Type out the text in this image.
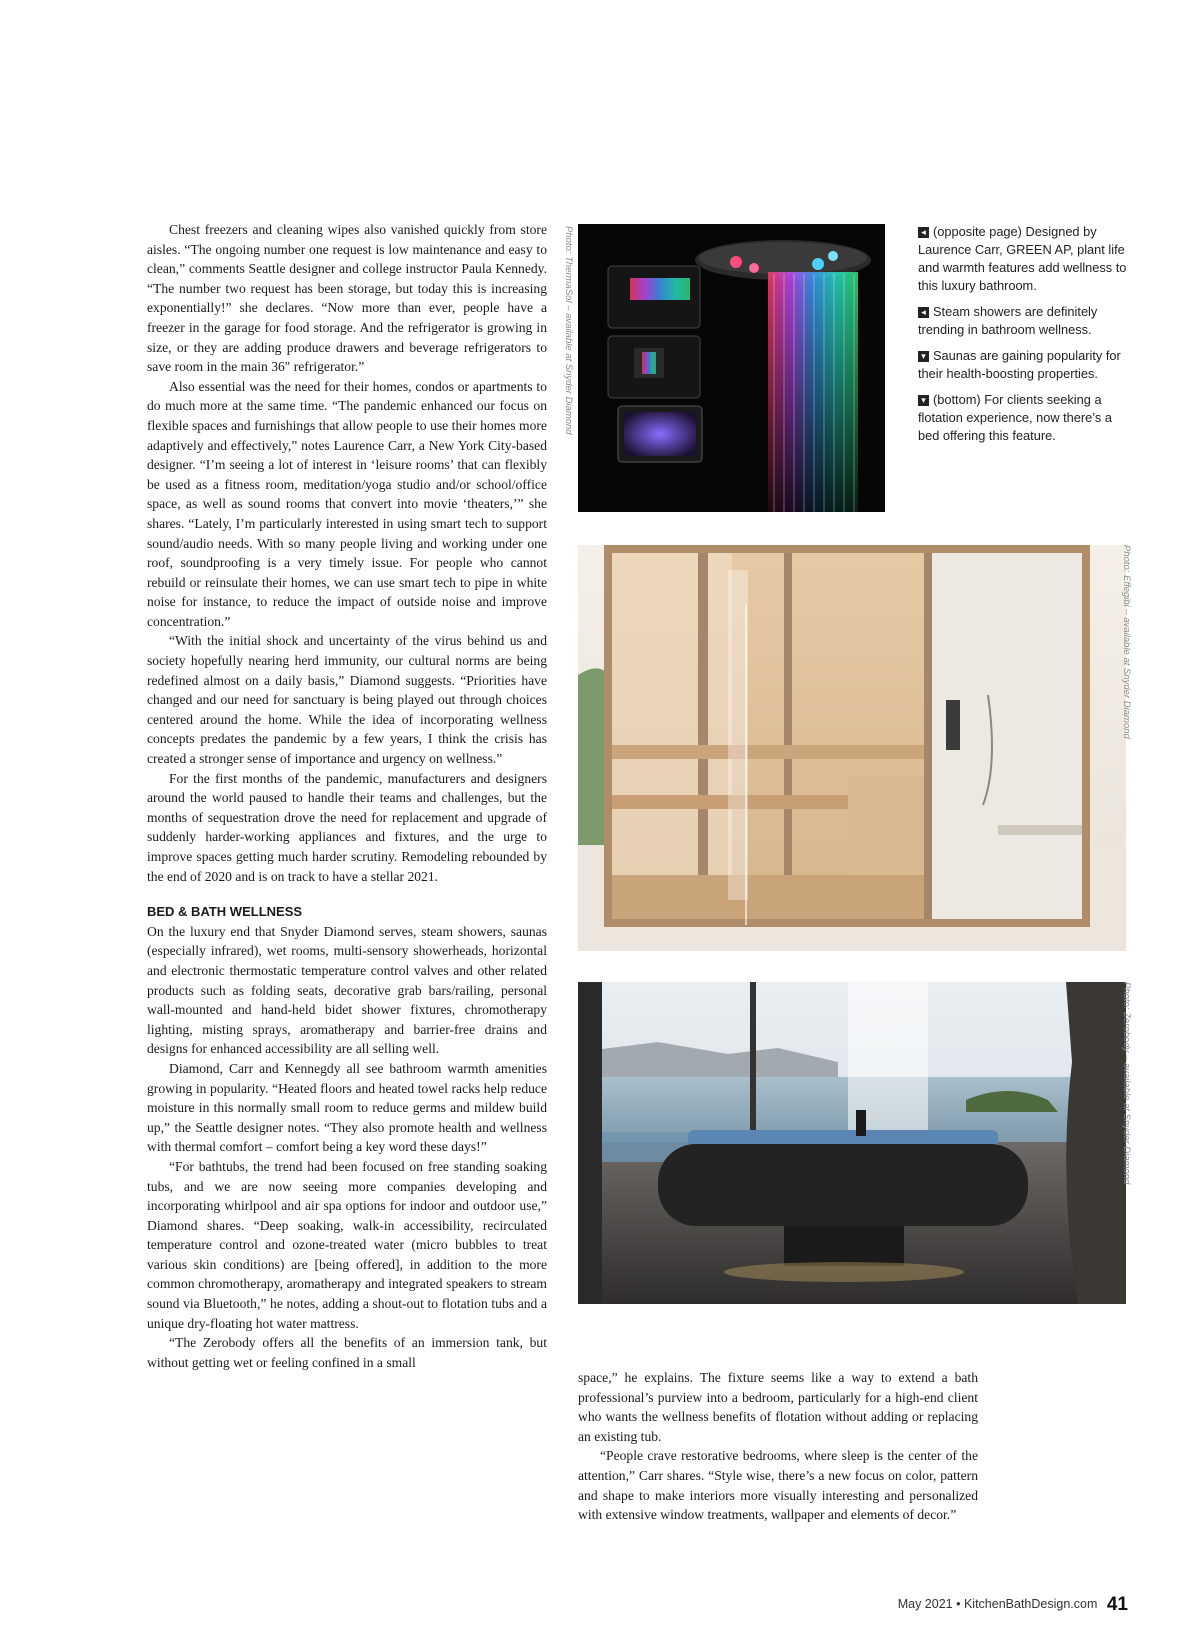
Chest freezers and cleaning wipes also vanished quickly from store aisles. “The ongoing number one request is low maintenance and easy to clean,” comments Seattle designer and college instructor Paula Kennedy. “The number two request has been storage, but today this is increasing exponentially!” she declares. “Now more than ever, people have a freezer in the garage for food storage. And the refrigerator is growing in size, or they are adding produce drawers and beverage refrigerators to save room in the main 36" refrigerator.”

Also essential was the need for their homes, condos or apartments to do much more at the same time. “The pandemic enhanced our focus on flexible spaces and furnishings that allow people to use their homes more adaptively and effectively,” notes Laurence Carr, a New York City-based designer. “I’m seeing a lot of interest in ‘leisure rooms’ that can flexibly be used as a fitness room, meditation/yoga studio and/or school/office space, as well as sound rooms that convert into movie ‘theaters,’” she shares. “Lately, I’m particularly interested in using smart tech to support sound/audio needs. With so many people living and working under one roof, soundproofing is a very timely issue. For people who cannot rebuild or reinsulate their homes, we can use smart tech to pipe in white noise for instance, to reduce the impact of outside noise and improve concentration.”

“With the initial shock and uncertainty of the virus behind us and society hopefully nearing herd immunity, our cultural norms are being redefined almost on a daily basis,” Diamond suggests. “Priorities have changed and our need for sanctuary is being played out through choices centered around the home. While the idea of incorporating wellness concepts predates the pandemic by a few years, I think the crisis has created a stronger sense of importance and urgency on wellness.”

For the first months of the pandemic, manufacturers and designers around the world paused to handle their teams and challenges, but the months of sequestration drove the need for replacement and upgrade of suddenly harder-working appliances and fixtures, and the urge to improve spaces getting much harder scrutiny. Remodeling rebounded by the end of 2020 and is on track to have a stellar 2021.

BED & BATH WELLNESS

On the luxury end that Snyder Diamond serves, steam showers, saunas (especially infrared), wet rooms, multi-sensory showerheads, horizontal and electronic thermostatic temperature control valves and other related products such as folding seats, decorative grab bars/railing, personal wall-mounted and hand-held bidet shower fixtures, chromotherapy lighting, misting sprays, aromatherapy and barrier-free drains and designs for enhanced accessibility are all selling well.

Diamond, Carr and Kennegdy all see bathroom warmth amenities growing in popularity. “Heated floors and heated towel racks help reduce moisture in this normally small room to reduce germs and mildew build up,” the Seattle designer notes. “They also promote health and wellness with thermal comfort – comfort being a key word these days!”

“For bathtubs, the trend had been focused on free standing soaking tubs, and we are now seeing more companies developing and incorporating whirlpool and air spa options for indoor and outdoor use,” Diamond shares. “Deep soaking, walk-in accessibility, recirculated temperature control and ozone-treated water (micro bubbles to treat various skin conditions) are [being offered], in addition to the more common chromotherapy, aromatherapy and integrated speakers to stream sound via Bluetooth,” he notes, adding a shout-out to flotation tubs and a unique dry-floating hot water mattress.

“The Zerobody offers all the benefits of an immersion tank, but without getting wet or feeling confined in a small

Photo: ThermaSol – available at Snyder Diamond	◂ (opposite page) Designed by Laurence Carr, GREEN AP, plant life and warmth features add wellness to this luxury bathroom.

◂ Steam showers are definitely trending in bathroom wellness.

▾ Saunas are gaining popularity for their health-boosting properties.

▾ (bottom) For clients seeking a flotation experience, now there’s a bed offering this feature.

Photo: Effegibi – available at Snyder Diamond
Photo: Zerobody – available at Snyder Diamond

space,” he explains. The fixture seems like a way to extend a bath professional’s purview into a bedroom, particularly for a high-end client who wants the wellness benefits of flotation without adding or replacing an existing tub.

“People crave restorative bedrooms, where sleep is the center of the attention,” Carr shares. “Style wise, there’s a new focus on color, pattern and shape to make interiors more visually interesting and personalized with extensive window treatments, wallpaper and elements of decor.”

May 2021 • KitchenBathDesign.com 41
